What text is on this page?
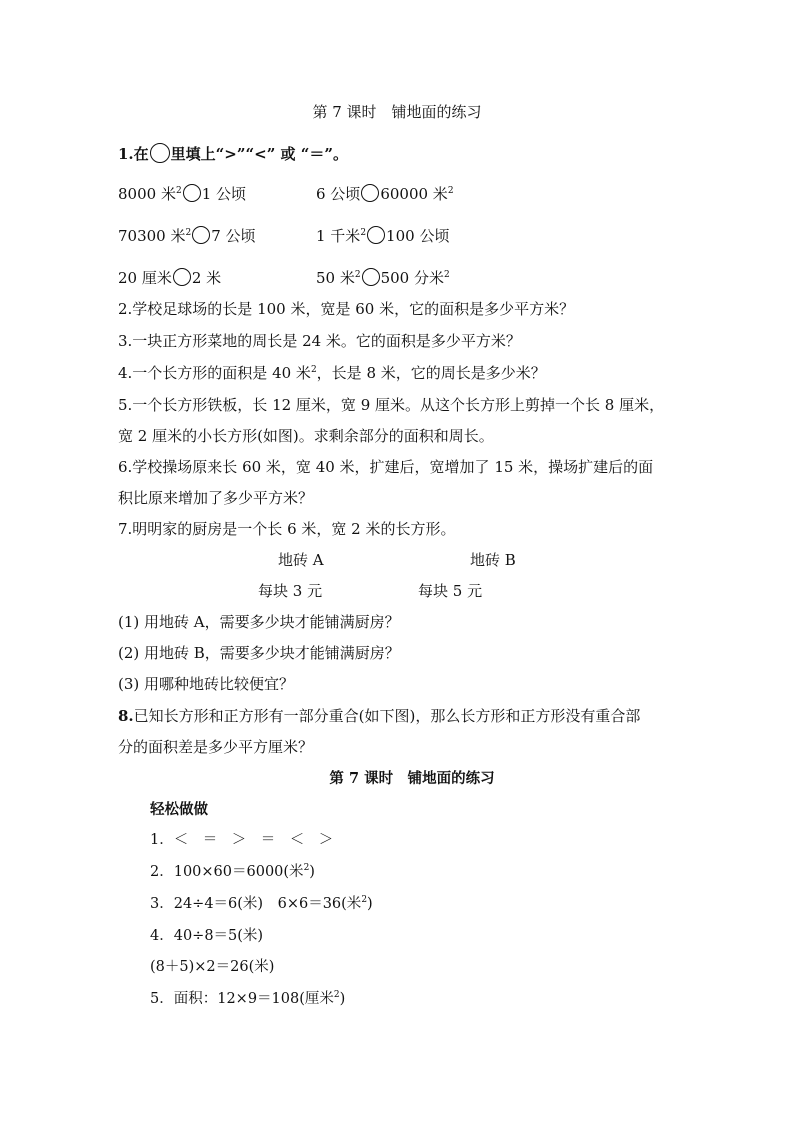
第 7 课时　铺地面的练习
1.在 里填上“>”“<” 或 “＝”。
8000 米$^2$ 1 公顷	6 公顷 60000 米$^2$
70300 米$^2$ 7 公顷	1 千米$^2$ 100 公顷
20 厘米 2 米	50 米$^2$ 500 分米$^2$
2.学校足球场的长是 100 米，宽是 60 米，它的面积是多少平方米？
3.一块正方形菜地的周长是 24 米。它的面积是多少平方米？
4.一个长方形的面积是 40 米$^2$，长是 8 米，它的周长是多少米？
5.一个长方形铁板，长 12 厘米，宽 9 厘米。从这个长方形上剪掉一个长 8 厘米，
宽 2 厘米的小长方形(如图)。求剩余部分的面积和周长。
6.学校操场原来长 60 米，宽 40 米，扩建后，宽增加了 15 米，操场扩建后的面
积比原来增加了多少平方米？
7.明明家的厨房是一个长 6 米，宽 2 米的长方形。
地砖 A	地砖 B
每块 3 元	每块 5 元
(1) 用地砖 A，需要多少块才能铺满厨房？
(2) 用地砖 B，需要多少块才能铺满厨房？
(3) 用哪种地砖比较便宜？
8.已知长方形和正方形有一部分重合(如下图)，那么长方形和正方形没有重合部
分的面积差是多少平方厘米？
第 7 课时　铺地面的练习
轻松做做
1．＜　＝　＞　＝　＜　＞
2．100×60＝6000(米$^2$)
3．24÷4＝6(米)　6×6＝36(米$^2$)
4．40÷8＝5(米)
(8＋5)×2＝26(米)
5．面积：12×9＝108(厘米$^2$)
